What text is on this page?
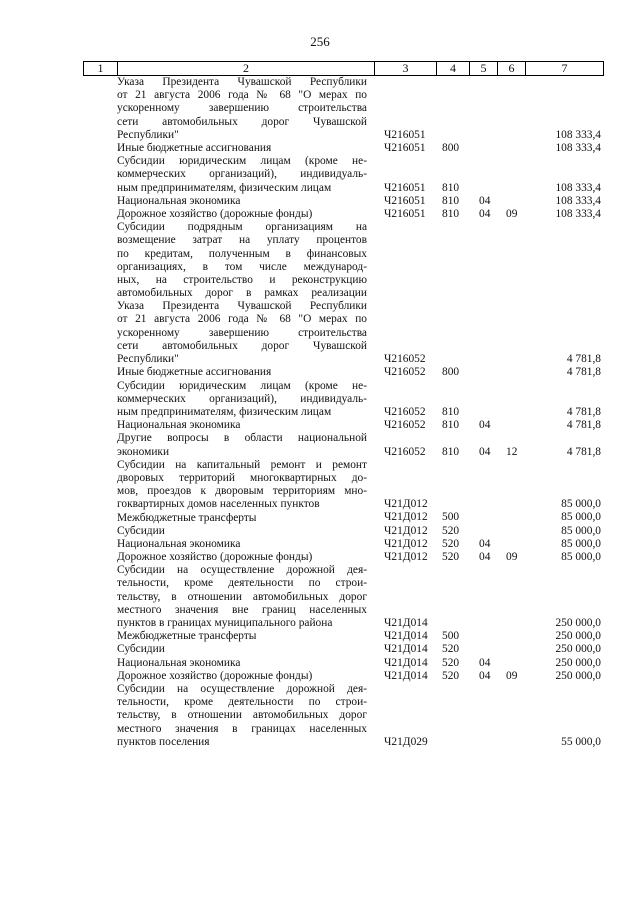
256
1	2	3	4	5	6	7
Указа Президента Чувашской Республики
от 21 августа 2006 года № 68 "О мерах по
ускоренному завершению строительства
сети автомобильных дорог Чувашской
Республики"	Ч216051	108 333,4
Иные бюджетные ассигнования	Ч216051 800	108 333,4
Субсидии юридическим лицам (кроме не-
коммерческих организаций), индивидуаль-
ным предпринимателям, физическим лицам	Ч216051 810	108 333,4
Национальная экономика	Ч216051 810 04	108 333,4
Дорожное хозяйство (дорожные фонды)	Ч216051 810 04 09	108 333,4
Субсидии подрядным организациям на
возмещение затрат на уплату процентов
по кредитам, полученным в финансовых
организациях, в том числе международ-
ных, на строительство и реконструкцию
автомобильных дорог в рамках реализации
Указа Президента Чувашской Республики
от 21 августа 2006 года № 68 "О мерах по
ускоренному завершению строительства
сети автомобильных дорог Чувашской
Республики"	Ч216052	4 781,8
Иные бюджетные ассигнования	Ч216052 800	4 781,8
Субсидии юридическим лицам (кроме не-
коммерческих организаций), индивидуаль-
ным предпринимателям, физическим лицам	Ч216052 810	4 781,8
Национальная экономика	Ч216052 810 04	4 781,8
Другие вопросы в области национальной
экономики	Ч216052 810 04 12	4 781,8
Субсидии на капитальный ремонт и ремонт
дворовых территорий многоквартирных до-
мов, проездов к дворовым территориям мно-
гоквартирных домов населенных пунктов	Ч21Д012	85 000,0
Межбюджетные трансферты	Ч21Д012 500	85 000,0
Субсидии	Ч21Д012 520	85 000,0
Национальная экономика	Ч21Д012 520 04	85 000,0
Дорожное хозяйство (дорожные фонды)	Ч21Д012 520 04 09	85 000,0
Субсидии на осуществление дорожной дея-
тельности, кроме деятельности по строи-
тельству, в отношении автомобильных дорог
местного значения вне границ населенных
пунктов в границах муниципального района	Ч21Д014	250 000,0
Межбюджетные трансферты	Ч21Д014 500	250 000,0
Субсидии	Ч21Д014 520	250 000,0
Национальная экономика	Ч21Д014 520 04	250 000,0
Дорожное хозяйство (дорожные фонды)	Ч21Д014 520 04 09	250 000,0
Субсидии на осуществление дорожной дея-
тельности, кроме деятельности по строи-
тельству, в отношении автомобильных дорог
местного значения в границах населенных
пунктов поселения	Ч21Д029	55 000,0
